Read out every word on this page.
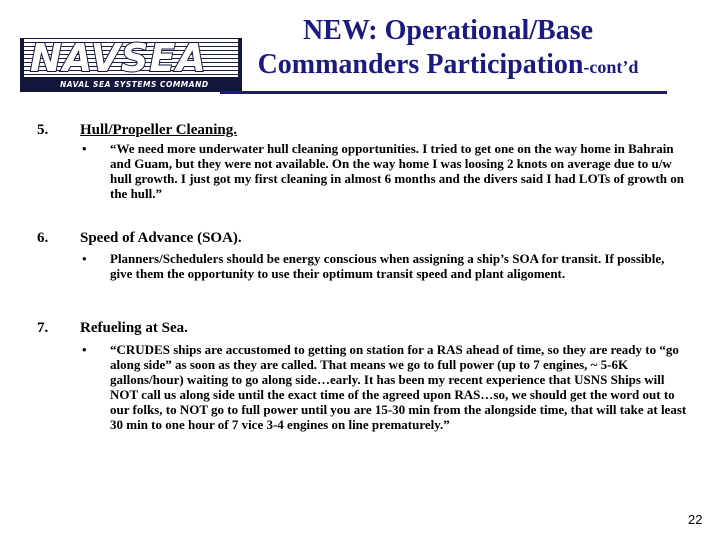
NAVSEA
NAVAL SEA SYSTEMS COMMAND
NEW: Operational/Base
Commanders Participation-cont’d
5. Hull/Propeller Cleaning.
• “We need more underwater hull cleaning opportunities. I tried to get one on the way home in Bahrain and Guam, but they were not available. On the way home I was loosing 2 knots on average due to u/w hull growth. I just got my first cleaning in almost 6 months and the divers said I had LOTs of growth on the hull.”
6. Speed of Advance (SOA).
• Planners/Schedulers should be energy conscious when assigning a ship’s SOA for transit. If possible, give them the opportunity to use their optimum transit speed and plant aligoment.
7. Refueling at Sea.
• “CRUDES ships are accustomed to getting on station for a RAS ahead of time, so they are ready to “go along side” as soon as they are called. That means we go to full power (up to 7 engines, ~ 5-6K gallons/hour) waiting to go along side…early. It has been my recent experience that USNS Ships will NOT call us along side until the exact time of the agreed upon RAS…so, we should get the word out to our folks, to NOT go to full power until you are 15-30 min from the alongside time, that will take at least 30 min to one hour of 7 vice 3-4 engines on line prematurely.”
22
